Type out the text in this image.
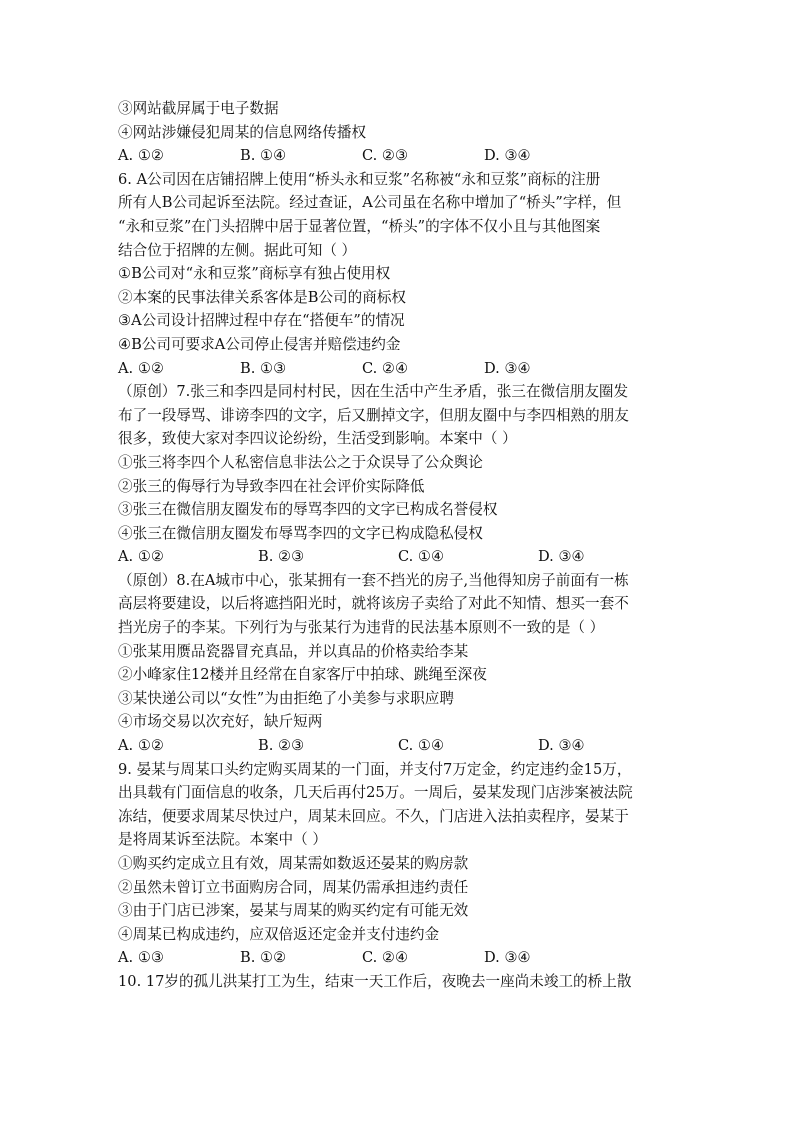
③网站截屏属于电子数据
④网站涉嫌侵犯周某的信息网络传播权
A. ①②	B. ①④	C. ②③	D. ③④
6. A公司因在店铺招牌上使用“桥头永和豆浆”名称被“永和豆浆”商标的注册
所有人B公司起诉至法院。经过查证，A公司虽在名称中增加了“桥头”字样，但
“永和豆浆”在门头招牌中居于显著位置，“桥头”的字体不仅小且与其他图案
结合位于招牌的左侧。据此可知（ ）
①B公司对“永和豆浆”商标享有独占使用权
②本案的民事法律关系客体是B公司的商标权
③A公司设计招牌过程中存在“搭便车”的情况
④B公司可要求A公司停止侵害并赔偿违约金
A. ①②	B. ①③	C. ②④	D. ③④
（原创）7.张三和李四是同村村民，因在生活中产生矛盾，张三在微信朋友圈发
布了一段辱骂、诽谤李四的文字，后又删掉文字，但朋友圈中与李四相熟的朋友
很多，致使大家对李四议论纷纷，生活受到影响。本案中（ ）
①张三将李四个人私密信息非法公之于众误导了公众舆论
②张三的侮辱行为导致李四在社会评价实际降低
③张三在微信朋友圈发布的辱骂李四的文字已构成名誉侵权
④张三在微信朋友圈发布辱骂李四的文字已构成隐私侵权
A. ①②	B. ②③	C. ①④	D. ③④
（原创）8.在A城市中心，张某拥有一套不挡光的房子,当他得知房子前面有一栋
高层将要建设，以后将遮挡阳光时，就将该房子卖给了对此不知情、想买一套不
挡光房子的李某。下列行为与张某行为违背的民法基本原则不一致的是（ ）
①张某用赝品瓷器冒充真品，并以真品的价格卖给李某
②小峰家住12楼并且经常在自家客厅中拍球、跳绳至深夜
③某快递公司以“女性”为由拒绝了小美参与求职应聘
④市场交易以次充好，缺斤短两
A. ①②	B. ②③	C. ①④	D. ③④
9. 晏某与周某口头约定购买周某的一门面，并支付7万定金，约定违约金15万，
出具载有门面信息的收条，几天后再付25万。一周后，晏某发现门店涉案被法院
冻结，便要求周某尽快过户，周某未回应。不久，门店进入法拍卖程序，晏某于
是将周某诉至法院。本案中（ ）
①购买约定成立且有效，周某需如数返还晏某的购房款
②虽然未曾订立书面购房合同，周某仍需承担违约责任
③由于门店已涉案，晏某与周某的购买约定有可能无效
④周某已构成违约，应双倍返还定金并支付违约金
A. ①③	B. ①②	C. ②④	D. ③④
10. 17岁的孤儿洪某打工为生，结束一天工作后，夜晚去一座尚未竣工的桥上散
